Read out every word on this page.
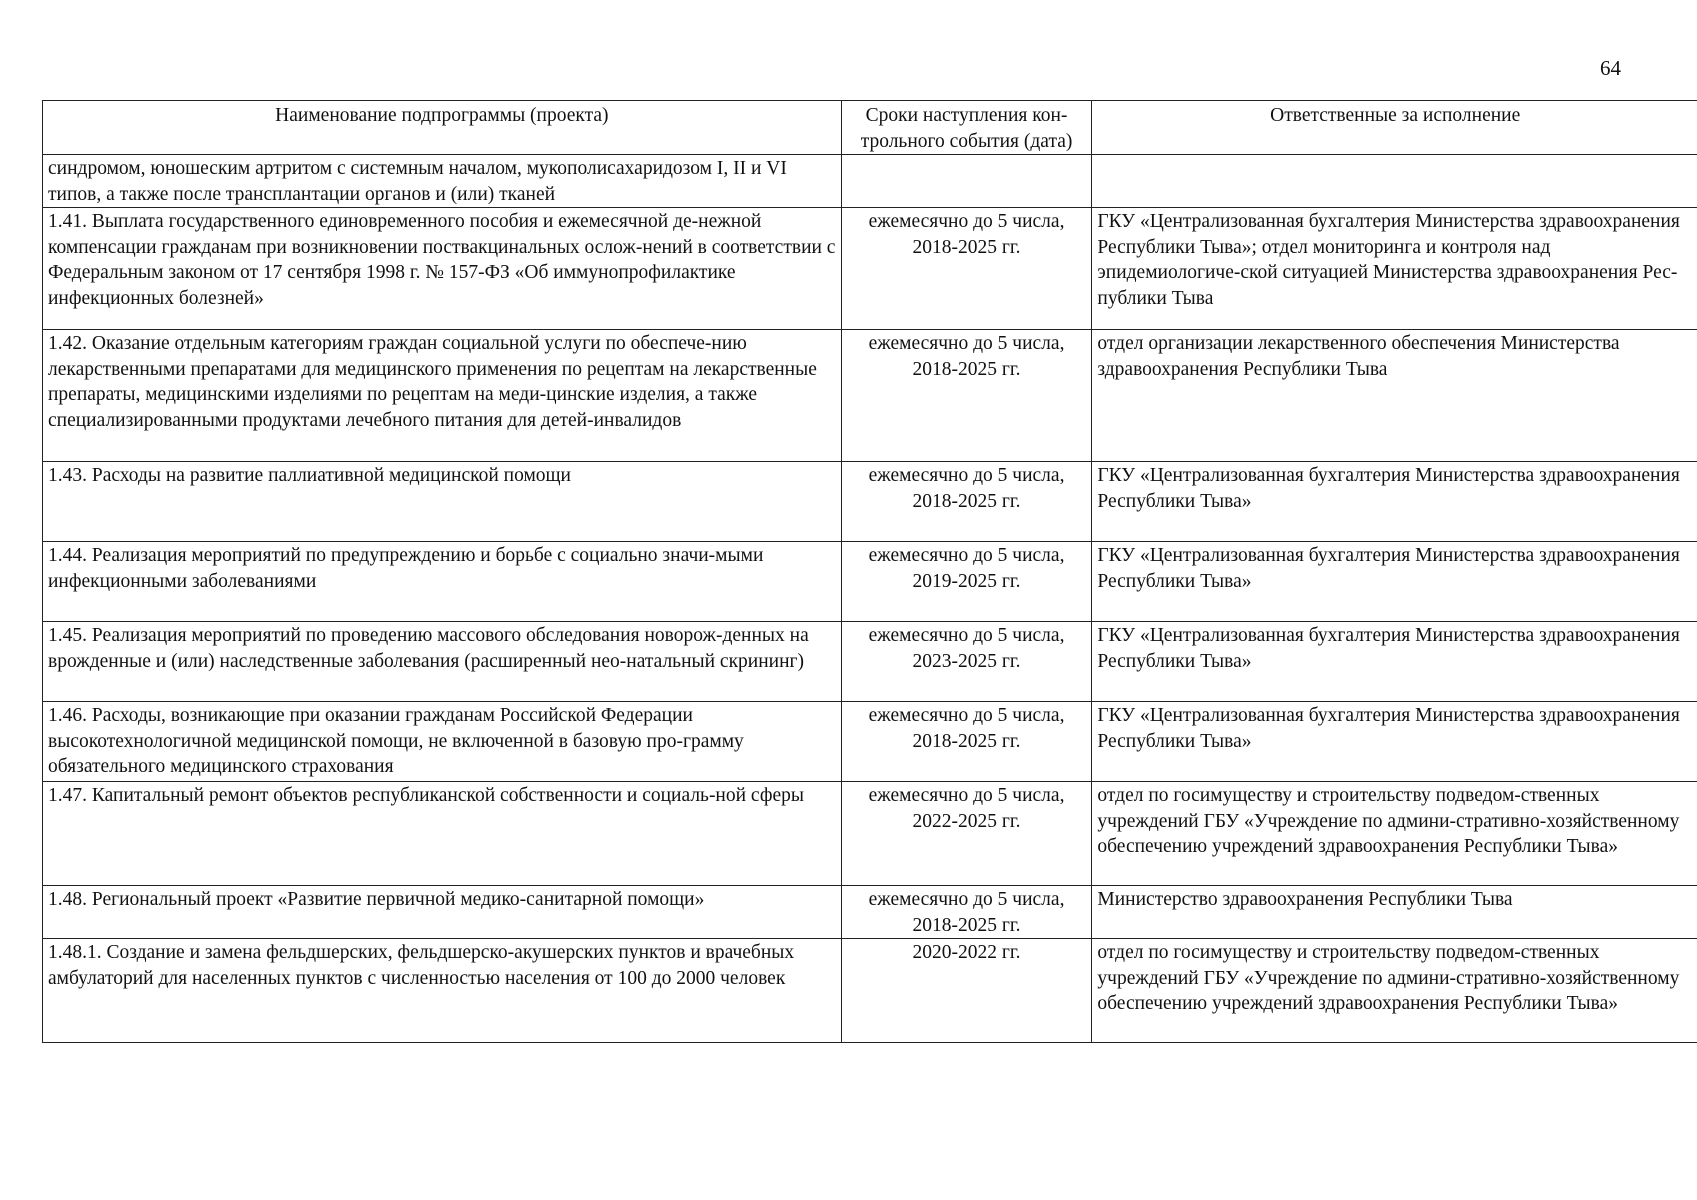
64
Наименование подпрограммы (проекта)	Сроки наступления кон-трольного события (дата)	Ответственные за исполнение
синдромом, юношеским артритом с системным началом, мукополисахаридозом I, II и VI типов, а также после трансплантации органов и (или) тканей		
1.41. Выплата государственного единовременного пособия и ежемесячной де-нежной компенсации гражданам при возникновении поствакцинальных ослож-нений в соответствии с Федеральным законом от 17 сентября 1998 г. № 157-ФЗ «Об иммунопрофилактике инфекционных болезней»	ежемесячно до 5 числа, 2018-2025 гг.	ГКУ «Централизованная бухгалтерия Министерства здравоохранения Республики Тыва»; отдел мониторинга и контроля над эпидемиологиче-ской ситуацией Министерства здравоохранения Рес-публики Тыва
1.42. Оказание отдельным категориям граждан социальной услуги по обеспече-нию лекарственными препаратами для медицинского применения по рецептам на лекарственные препараты, медицинскими изделиями по рецептам на меди-цинские изделия, а также специализированными продуктами лечебного питания для детей-инвалидов	ежемесячно до 5 числа, 2018-2025 гг.	отдел организации лекарственного обеспечения Министерства здравоохранения Республики Тыва
1.43. Расходы на развитие паллиативной медицинской помощи	ежемесячно до 5 числа, 2018-2025 гг.	ГКУ «Централизованная бухгалтерия Министерства здравоохранения Республики Тыва»
1.44. Реализация мероприятий по предупреждению и борьбе с социально значи-мыми инфекционными заболеваниями	ежемесячно до 5 числа, 2019-2025 гг.	ГКУ «Централизованная бухгалтерия Министерства здравоохранения Республики Тыва»
1.45. Реализация мероприятий по проведению массового обследования новорож-денных на врожденные и (или) наследственные заболевания (расширенный нео-натальный скрининг)	ежемесячно до 5 числа, 2023-2025 гг.	ГКУ «Централизованная бухгалтерия Министерства здравоохранения Республики Тыва»
1.46. Расходы, возникающие при оказании гражданам Российской Федерации высокотехнологичной медицинской помощи, не включенной в базовую про-грамму обязательного медицинского страхования	ежемесячно до 5 числа, 2018-2025 гг.	ГКУ «Централизованная бухгалтерия Министерства здравоохранения Республики Тыва»
1.47. Капитальный ремонт объектов республиканской собственности и социаль-ной сферы	ежемесячно до 5 числа, 2022-2025 гг.	отдел по госимуществу и строительству подведом-ственных учреждений ГБУ «Учреждение по админи-стративно-хозяйственному обеспечению учреждений здравоохранения Республики Тыва»
1.48. Региональный проект «Развитие первичной медико-санитарной помощи»	ежемесячно до 5 числа, 2018-2025 гг.	Министерство здравоохранения Республики Тыва
1.48.1. Создание и замена фельдшерских, фельдшерско-акушерских пунктов и врачебных амбулаторий для населенных пунктов с численностью населения от 100 до 2000 человек	2020-2022 гг.	отдел по госимуществу и строительству подведом-ственных учреждений ГБУ «Учреждение по админи-стративно-хозяйственному обеспечению учреждений здравоохранения Республики Тыва»
